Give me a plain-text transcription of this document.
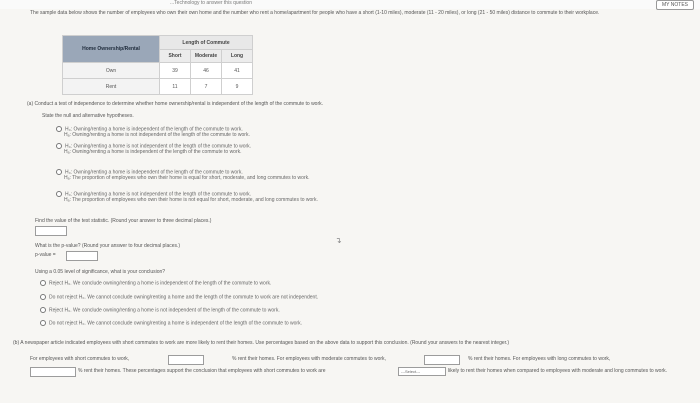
...Technology to answer this question	MY NOTES
The sample data below shows the number of employees who own their own home and the number who rent a home/apartment for people who have a short (1-10 miles), moderate (11 - 20 miles), or long (21 - 50 miles) distance to commute to their workplace.
Home Ownership/Rental	Length of Commute		
	Short	Moderate	Long
Own	39	46	41
Rent	11	7	9
(a) Conduct a test of independence to determine whether home ownership/rental is independent of the length of the commute to work.
State the null and alternative hypotheses.
H₀: Owning/renting a home is independent of the length of the commute to work.
Hₐ: Owning/renting a home is not independent of the length of the commute to work.
H₀: Owning/renting a home is not independent of the length of the commute to work.
Hₐ: Owning/renting a home is independent of the length of the commute to work.
H₀: Owning/renting a home is independent of the length of the commute to work.
Hₐ: The proportion of employees who own their home is equal for short, moderate, and long commutes to work.
H₀: Owning/renting a home is not independent of the length of the commute to work.
Hₐ: The proportion of employees who own their home is not equal for short, moderate, and long commutes to work.
Find the value of the test statistic. (Round your answer to three decimal places.)
What is the p-value? (Round your answer to four decimal places.)
p-value =
↴
Using a 0.05 level of significance, what is your conclusion?
Reject H₀. We conclude owning/renting a home is independent of the length of the commute to work.
Do not reject H₀. We cannot conclude owning/renting a home and the length of the commute to work are not independent.
Reject H₀. We conclude owning/renting a home is not independent of the length of the commute to work.
Do not reject H₀. We cannot conclude owning/renting a home is independent of the length of the commute to work.
(b) A newspaper article indicated employees with short commutes to work are more likely to rent their homes. Use percentages based on the above data to support this conclusion. (Round your answers to the nearest integer.)
For employees with short commutes to work,	% rent their homes. For employees with moderate commutes to work,	% rent their homes. For employees with long commutes to work,
% rent their homes. These percentages support the conclusion that employees with short commutes to work are	---Select---	likely to rent their homes when compared to employees with moderate and long commutes to work.
